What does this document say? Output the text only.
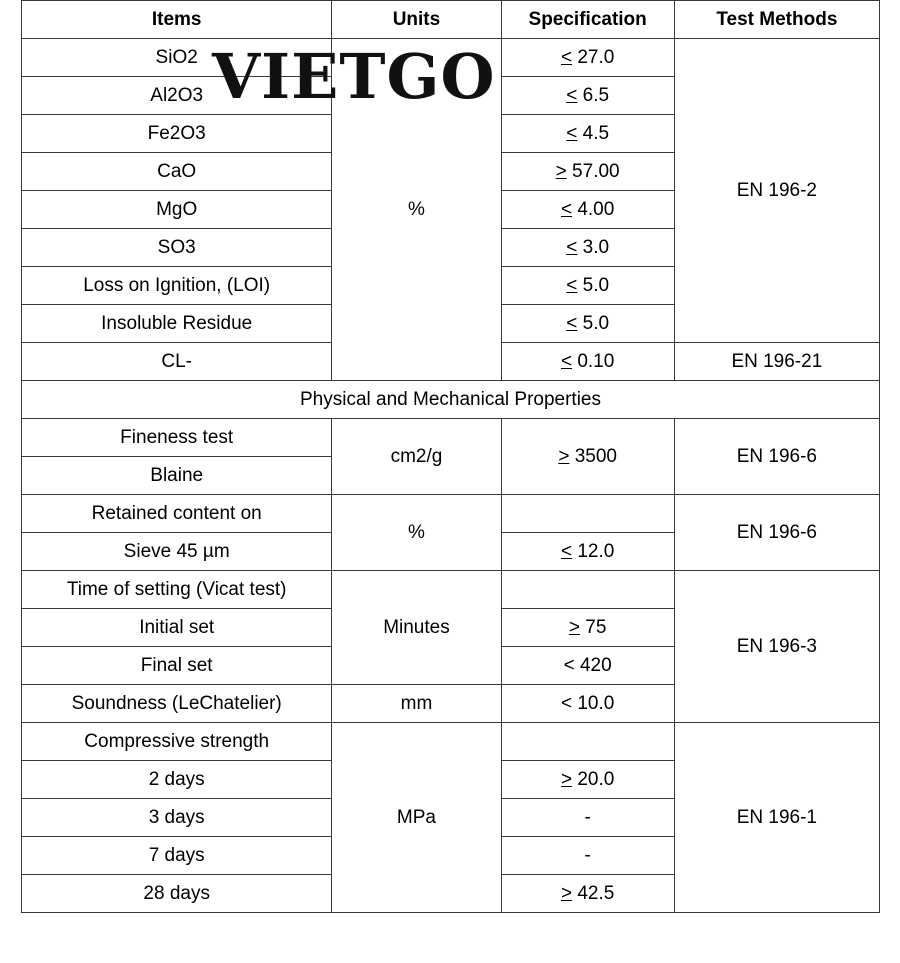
Items	Units	Specification	Test Methods
SiO2	%	< 27.0	EN 196-2
Al2O3		< 6.5	
Fe2O3		< 4.5	
CaO		> 57.00	
MgO		< 4.00	
SO3		< 3.0	
Loss on Ignition, (LOI)		< 5.0	
Insoluble Residue		< 5.0	
CL-		< 0.10	EN 196-21
Physical and Mechanical Properties			
Fineness test	cm2/g	> 3500	EN 196-6
Blaine			
Retained content on	%		EN 196-6
Sieve 45 µm		< 12.0	
Time of setting (Vicat test)	Minutes		EN 196-3
Initial set		> 75	
Final set		< 420	
Soundness (LeChatelier)	mm	< 10.0	
Compressive strength	MPa		EN 196-1
2 days		> 20.0	
3 days		-	
7 days		-	
28 days		> 42.5	
VIETGO
